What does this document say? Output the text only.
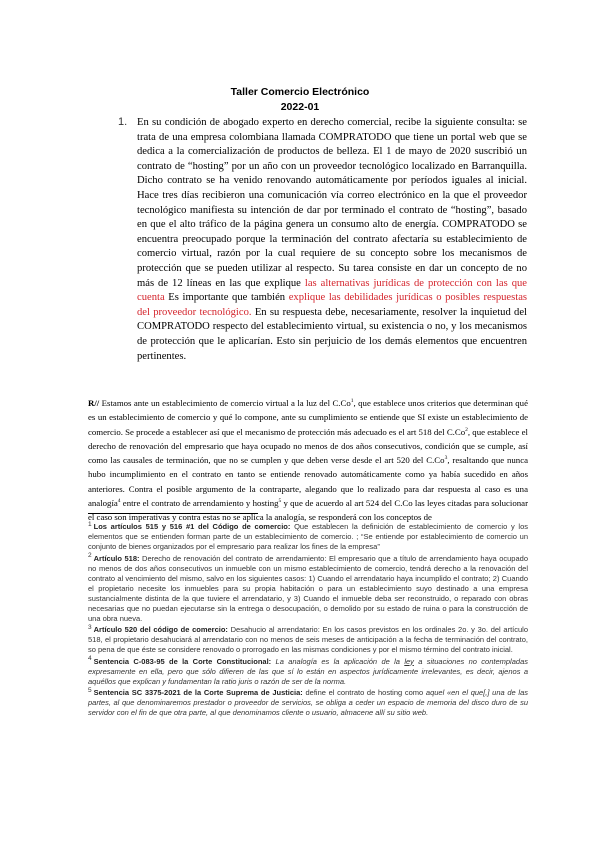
Taller Comercio Electrónico
2022-01
1. En su condición de abogado experto en derecho comercial, recibe la siguiente consulta: se trata de una empresa colombiana llamada COMPRATODO que tiene un portal web que se dedica a la comercialización de productos de belleza. El 1 de mayo de 2020 suscribió un contrato de “hosting” por un año con un proveedor tecnológico localizado en Barranquilla. Dicho contrato se ha venido renovando automáticamente por períodos iguales al inicial. Hace tres días recibieron una comunicación vía correo electrónico en la que el proveedor tecnológico manifiesta su intención de dar por terminado el contrato de “hosting”, basado en que el alto tráfico de la página genera un consumo alto de energía. COMPRATODO se encuentra preocupado porque la terminación del contrato afectaría su establecimiento de comercio virtual, razón por la cual requiere de su concepto sobre los mecanismos de protección que se pueden utilizar al respecto. Su tarea consiste en dar un concepto de no más de 12 líneas en las que explique las alternativas jurídicas de protección con las que cuenta Es importante que también explique las debilidades jurídicas o posibles respuestas del proveedor tecnológico. En su respuesta debe, necesariamente, resolver la inquietud del COMPRATODO respecto del establecimiento virtual, su existencia o no, y los mecanismos de protección que le aplicarían. Esto sin perjuicio de los demás elementos que encuentren pertinentes.
R// Estamos ante un establecimiento de comercio virtual a la luz del C.Co$^1$, que establece unos criterios que determinan qué es un establecimiento de comercio y qué lo compone, ante su cumplimiento se entiende que SI existe un establecimiento de comercio. Se procede a establecer así que el mecanismo de protección más adecuado es el art 518 del C.Co$^2$, que establece el derecho de renovación del empresario que haya ocupado no menos de dos años consecutivos, condición que se cumple, así como las causales de terminación, que no se cumplen y que deben verse desde el art 520 del C.Co$^3$, resaltando que nunca hubo incumplimiento en el contrato en tanto se entiende renovado automáticamente como ya había sucedido en años anteriores. Contra el posible argumento de la contraparte, alegando que lo realizado para dar respuesta al caso es una analogía$^4$ entre el contrato de arrendamiento y hosting$^5$ y que de acuerdo al art 524 del C.Co las leyes citadas para solucionar el caso son imperativas y contra estas no se aplica la analogía, se responderá con los conceptos de

1 Los artículos 515 y 516 #1 del Código de comercio: Que establecen la definición de establecimiento de comercio y los elementos que se entienden forman parte de un establecimiento de comercio. ; “Se entiende por establecimiento de comercio un conjunto de bienes organizados por el empresario para realizar los fines de la empresa”

2 Artículo 518: Derecho de renovación del contrato de arrendamiento: El empresario que a título de arrendamiento haya ocupado no menos de dos años consecutivos un inmueble con un mismo establecimiento de comercio, tendrá derecho a la renovación del contrato al vencimiento del mismo, salvo en los siguientes casos: 1) Cuando el arrendatario haya incumplido el contrato; 2) Cuando el propietario necesite los inmuebles para su propia habitación o para un establecimiento suyo destinado a una empresa sustancialmente distinta de la que tuviere el arrendatario, y 3) Cuando el inmueble deba ser reconstruido, o reparado con obras necesarias que no puedan ejecutarse sin la entrega o desocupación, o demolido por su estado de ruina o para la construcción de una obra nueva.

3 Artículo 520 del código de comercio: Desahucio al arrendatario: En los casos previstos en los ordinales 2o. y 3o. del artículo 518, el propietario desahuciará al arrendatario con no menos de seis meses de anticipación a la fecha de terminación del contrato, so pena de que éste se considere renovado o prorrogado en las mismas condiciones y por el mismo término del contrato inicial.

4 Sentencia C-083-95 de la Corte Constitucional: La analogía es la aplicación de la ley a situaciones no contempladas expresamente en ella, pero que sólo difieren de las que sí lo están en aspectos jurídicamente irrelevantes, es decir, ajenos a aquéllos que explican y fundamentan la ratio juris o razón de ser de la norma.

5 Sentencia SC 3375-2021 de la Corte Suprema de Justicia: define el contrato de hosting como aquel «en el que[,] una de las partes, al que denominaremos prestador o proveedor de servicios, se obliga a ceder un espacio de memoria del disco duro de su servidor con el fin de que otra parte, al que denominamos cliente o usuario, almacene allí su sitio web.
